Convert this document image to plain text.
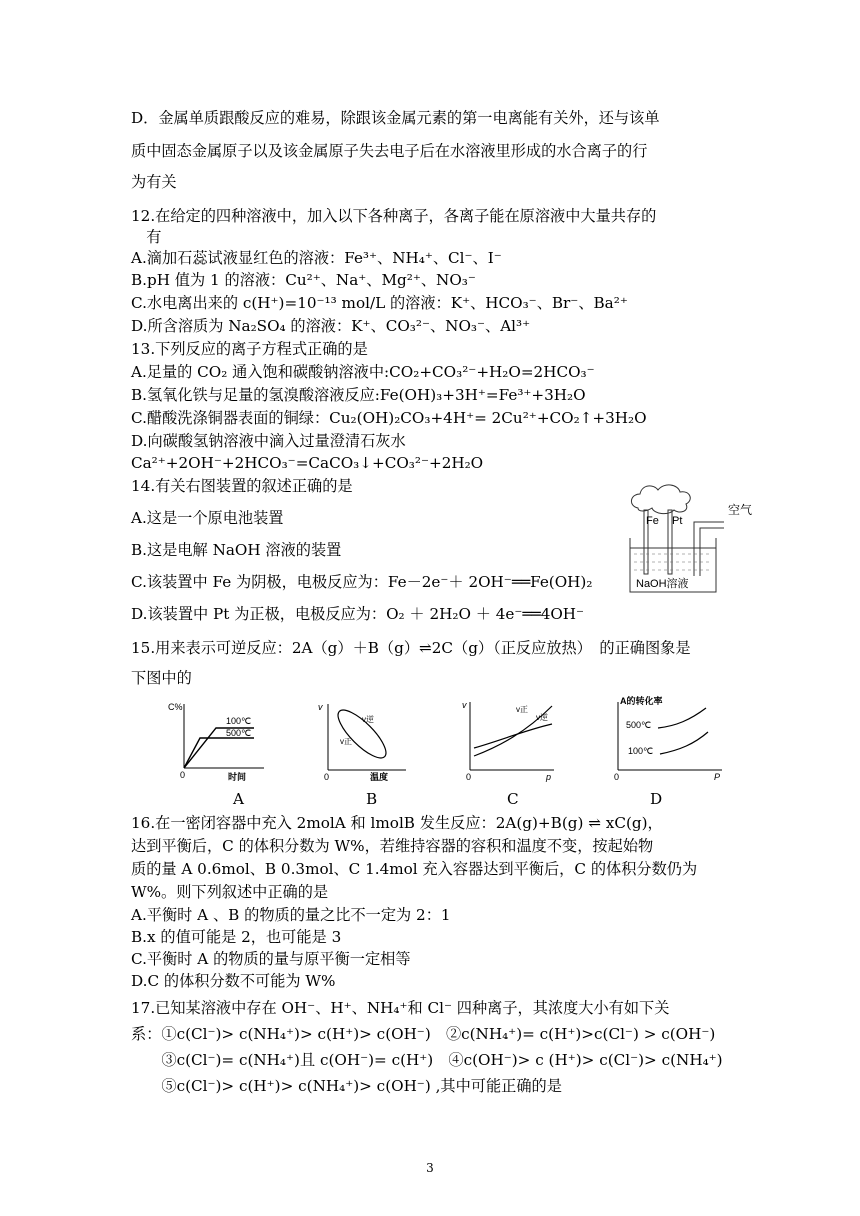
D．金属单质跟酸反应的难易，除跟该金属元素的第一电离能有关外，还与该单
质中固态金属原子以及该金属原子失去电子后在水溶液里形成的水合离子的行
为有关
12.在给定的四种溶液中，加入以下各种离子，各离子能在原溶液中大量共存的
　有
A.滴加石蕊试液显红色的溶液：Fe³⁺、NH₄⁺、Cl⁻、I⁻
B.pH 值为 1 的溶液：Cu²⁺、Na⁺、Mg²⁺、NO₃⁻
C.水电离出来的 c(H⁺)=10⁻¹³ mol/L 的溶液：K⁺、HCO₃⁻、Br⁻、Ba²⁺
D.所含溶质为 Na₂SO₄ 的溶液：K⁺、CO₃²⁻、NO₃⁻、Al³⁺
13.下列反应的离子方程式正确的是
A.足量的 CO₂ 通入饱和碳酸钠溶液中:CO₂+CO₃²⁻+H₂O=2HCO₃⁻
B.氢氧化铁与足量的氢溴酸溶液反应:Fe(OH)₃+3H⁺=Fe³⁺+3H₂O
C.醋酸洗涤铜器表面的铜绿：Cu₂(OH)₂CO₃+4H⁺= 2Cu²⁺+CO₂↑+3H₂O
D.向碳酸氢钠溶液中滴入过量澄清石灰水
Ca²⁺+2OH⁻+2HCO₃⁻=CaCO₃↓+CO₃²⁻+2H₂O
14.有关右图装置的叙述正确的是
A.这是一个原电池装置
B.这是电解 NaOH 溶液的装置
C.该装置中 Fe 为阴极，电极反应为：Fe－2e⁻＋ 2OH⁻══Fe(OH)₂
D.该装置中 Pt 为正极，电极反应为：O₂ ＋ 2H₂O ＋ 4e⁻══4OH⁻
15.用来表示可逆反应：2A（g）＋B（g）⇌2C（g）（正反应放热）　的正确图象是
下图中的
16.在一密闭容器中充入 2molA 和 lmolB 发生反应：2A(g)+B(g) ⇌ xC(g)，
达到平衡后，C 的体积分数为 W%，若维持容器的容积和温度不变，按起始物
质的量 A 0.6mol、B 0.3mol、C 1.4mol 充入容器达到平衡后，C 的体积分数仍为
W%。则下列叙述中正确的是
A.平衡时 A 、B 的物质的量之比不一定为 2：1
B.x 的值可能是 2，也可能是 3
C.平衡时 A 的物质的量与原平衡一定相等
D.C 的体积分数不可能为 W%
17.已知某溶液中存在 OH⁻、H⁺、NH₄⁺和 Cl⁻ 四种离子，其浓度大小有如下关
系：①c(Cl⁻)> c(NH₄⁺)> c(H⁺)> c(OH⁻)　②c(NH₄⁺)= c(H⁺)>c(Cl⁻) > c(OH⁻)
　　③c(Cl⁻)= c(NH₄⁺)且 c(OH⁻)= c(H⁺)　④c(OH⁻)> c (H⁺)> c(Cl⁻)> c(NH₄⁺)
　　⑤c(Cl⁻)> c(H⁺)> c(NH₄⁺)> c(OH⁻) ,其中可能正确的是
Fe Pt
空气
NaOH溶液
C%
0	时间
100℃
500℃
v
0	温度
v逆
v正
v
0	p
v正
v逆
A的转化率
0	P
500℃
100℃
A	B	C	D
3
